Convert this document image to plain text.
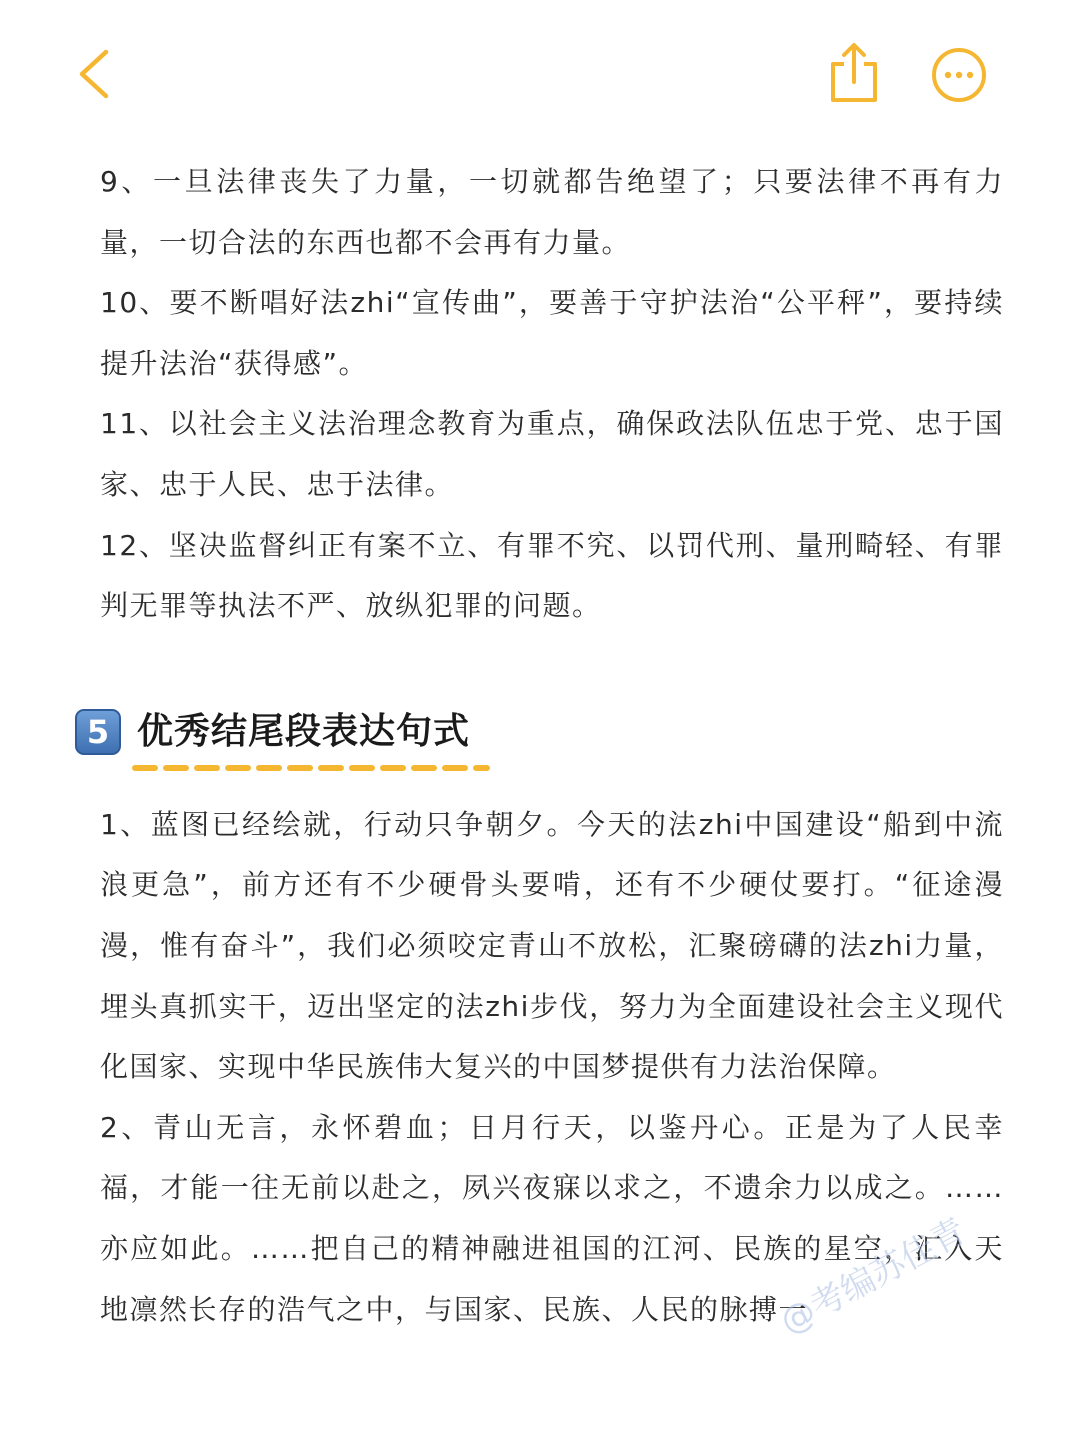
9、一旦法律丧失了力量，一切就都告绝望了；只要法律不再有力量，一切合法的东西也都不会再有力量。

10、要不断唱好法zhi“宣传曲”，要善于守护法治“公平秤”，要持续提升法治“获得感”。

11、以社会主义法治理念教育为重点，确保政法队伍忠于党、忠于国家、忠于人民、忠于法律。

12、坚决监督纠正有案不立、有罪不究、以罚代刑、量刑畸轻、有罪判无罪等执法不严、放纵犯罪的问题。

5 优秀结尾段表达句式

1、蓝图已经绘就，行动只争朝夕。今天的法zhi中国建设“船到中流浪更急”，前方还有不少硬骨头要啃，还有不少硬仗要打。“征途漫漫，惟有奋斗”，我们必须咬定青山不放松，汇聚磅礴的法zhi力量，埋头真抓实干，迈出坚定的法zhi步伐，努力为全面建设社会主义现代化国家、实现中华民族伟大复兴的中国梦提供有力法治保障。

2、青山无言，永怀碧血；日月行天，以鉴丹心。正是为了人民幸福，才能一往无前以赴之，夙兴夜寐以求之，不遗余力以成之。……亦应如此。……把自己的精神融进祖国的江河、民族的星空，汇入天地凛然长存的浩气之中，与国家、民族、人民的脉搏一

@考编苏佳青
